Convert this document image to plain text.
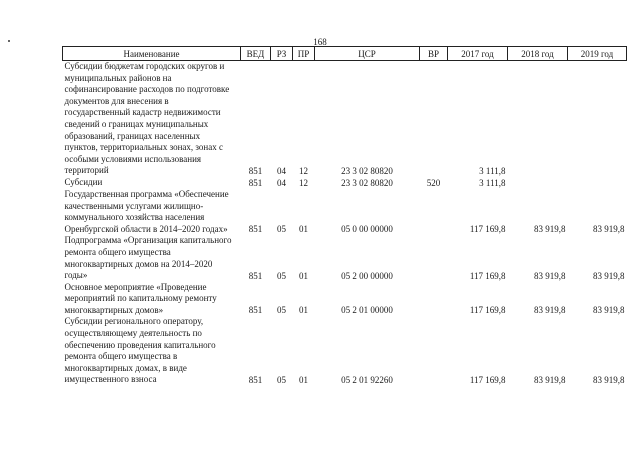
168
Наименование	ВЕД	РЗ	ПР	ЦСР	ВР	2017 год	2018 год	2019 год
Субсидии бюджетам городских округов и муниципальных районов на софинансирование расходов по подготовке документов для внесения в государственный кадастр недвижимости сведений о границах муниципальных образований, границах населенных пунктов, территориальных зонах, зонах с особыми условиями использования территорий	851	04	12	23 3 02 80820		3 111,8		
Субсидии	851	04	12	23 3 02 80820	520	3 111,8		
Государственная программа «Обеспечение качественными услугами жилищно-коммунального хозяйства населения Оренбургской области в 2014–2020 годах»	851	05	01	05 0 00 00000		117 169,8	83 919,8	83 919,8
Подпрограмма «Организация капитального ремонта общего имущества многоквартирных домов на 2014–2020 годы»	851	05	01	05 2 00 00000		117 169,8	83 919,8	83 919,8
Основное мероприятие «Проведение мероприятий по капитальному ремонту многоквартирных домов»	851	05	01	05 2 01 00000		117 169,8	83 919,8	83 919,8
Субсидии регионального оператору, осуществляющему деятельность по обеспечению проведения капитального ремонта общего имущества в многоквартирных домах, в виде имущественного взноса	851	05	01	05 2 01 92260		117 169,8	83 919,8	83 919,8
